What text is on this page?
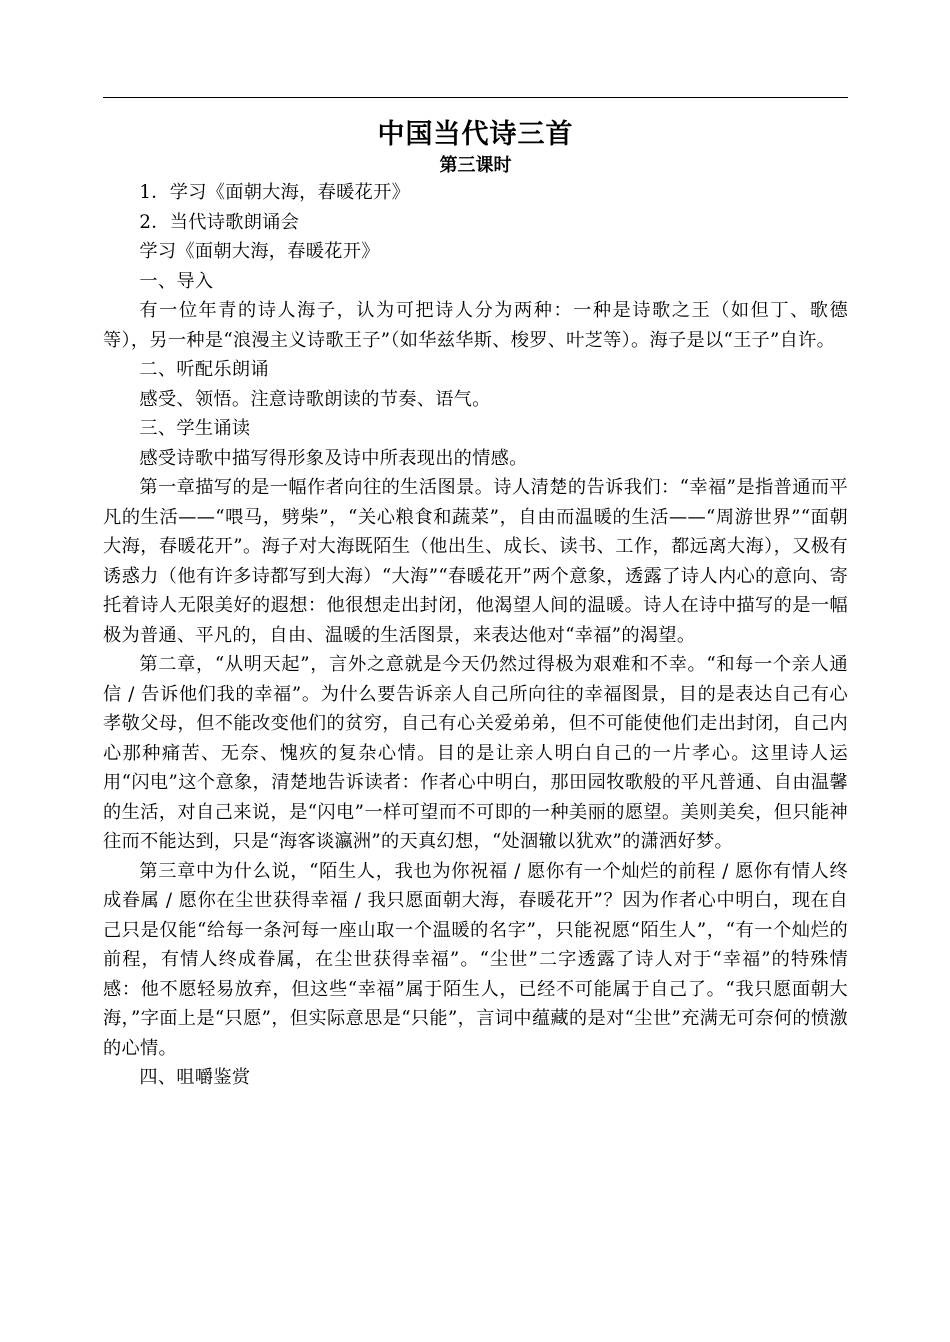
中国当代诗三首
第三课时

1．学习《面朝大海，春暖花开》

2．当代诗歌朗诵会

学习《面朝大海，春暖花开》

一、导入

有一位年青的诗人海子，认为可把诗人分为两种：一种是诗歌之王（如但丁、歌德等），另一种是“浪漫主义诗歌王子”（如华兹华斯、梭罗、叶芝等）。海子是以“王子”自许。

二、听配乐朗诵

感受、领悟。注意诗歌朗读的节奏、语气。

三、学生诵读

感受诗歌中描写得形象及诗中所表现出的情感。

第一章描写的是一幅作者向往的生活图景。诗人清楚的告诉我们：“幸福”是指普通而平凡的生活——“喂马，劈柴”，“关心粮食和蔬菜”，自由而温暖的生活——“周游世界”“面朝大海，春暖花开”。海子对大海既陌生（他出生、成长、读书、工作，都远离大海），又极有诱惑力（他有许多诗都写到大海）“大海”“春暖花开”两个意象，透露了诗人内心的意向、寄托着诗人无限美好的遐想：他很想走出封闭，他渴望人间的温暖。诗人在诗中描写的是一幅极为普通、平凡的，自由、温暖的生活图景，来表达他对“幸福”的渴望。

第二章，“从明天起”，言外之意就是今天仍然过得极为艰难和不幸。“和每一个亲人通信 / 告诉他们我的幸福”。为什么要告诉亲人自己所向往的幸福图景，目的是表达自己有心孝敬父母，但不能改变他们的贫穷，自己有心关爱弟弟，但不可能使他们走出封闭，自己内心那种痛苦、无奈、愧疚的复杂心情。目的是让亲人明白自己的一片孝心。这里诗人运用“闪电”这个意象，清楚地告诉读者：作者心中明白，那田园牧歌般的平凡普通、自由温馨的生活，对自己来说，是“闪电”一样可望而不可即的一种美丽的愿望。美则美矣，但只能神往而不能达到，只是“海客谈瀛洲”的天真幻想，“处涸辙以犹欢”的潇洒好梦。

第三章中为什么说，“陌生人，我也为你祝福 / 愿你有一个灿烂的前程 / 愿你有情人终成眷属 / 愿你在尘世获得幸福 / 我只愿面朝大海，春暖花开”？因为作者心中明白，现在自己只是仅能“给每一条河每一座山取一个温暖的名字”，只能祝愿“陌生人”，“有一个灿烂的前程，有情人终成眷属，在尘世获得幸福”。“尘世”二字透露了诗人对于“幸福”的特殊情感：他不愿轻易放弃，但这些“幸福”属于陌生人，已经不可能属于自己了。“我只愿面朝大海，”字面上是“只愿”，但实际意思是“只能”，言词中蕴藏的是对“尘世”充满无可奈何的愤激的心情。

四、咀嚼鉴赏
